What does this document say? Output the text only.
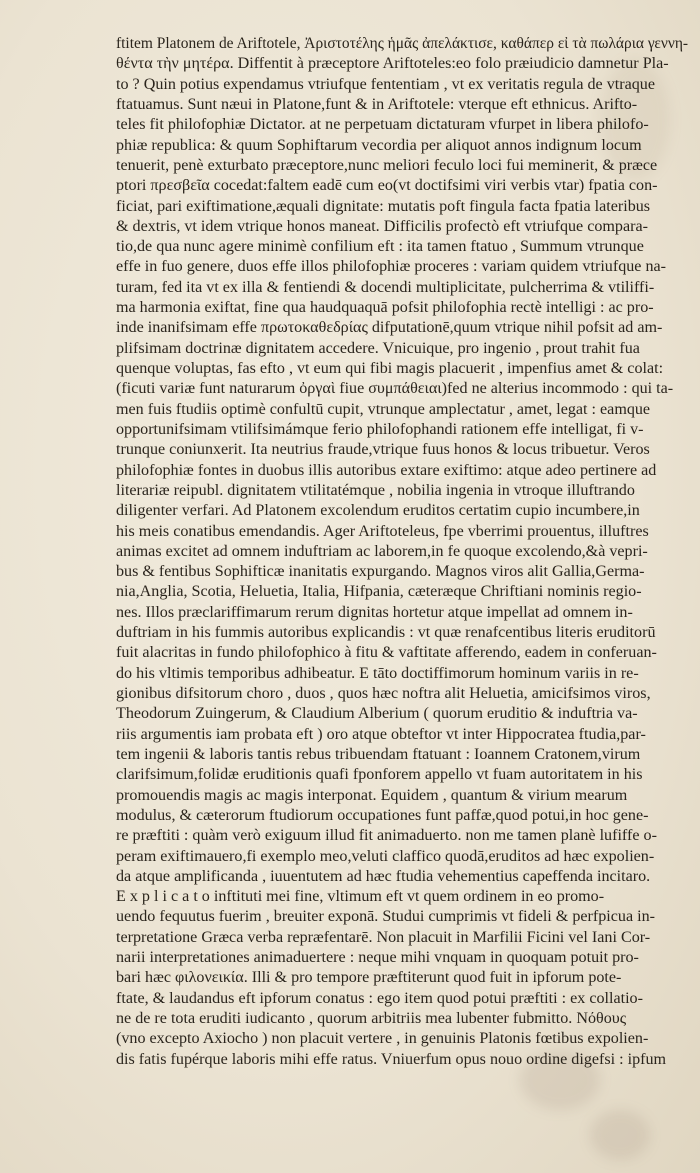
ftitem Platonem de Ariftotele, Ἀριστοτέλης ἡμᾶς ἀπελάκτισε, καθάπερ εἰ τὰ πωλάρια γεννη-
θέντα τὴν μητέρα. Diffentit à præceptore Ariftoteles:eo folo præiudicio damnetur Pla-
to ? Quin potius expendamus vtriufque fententiam , vt ex veritatis regula de vtraque
ftatuamus. Sunt næui in Platone,funt & in Ariftotele: vterque eft ethnicus. Arifto-
teles fit philofophiæ Dictator. at ne perpetuam dictaturam vfurpet in libera philofo-
phiæ republica: & quum Sophiftarum vecordia per aliquot annos indignum locum
tenuerit, penè exturbato præceptore,nunc meliori feculo loci fui meminerit, & præce
ptori πρεσβεῖα cocedat:faltem eadē cum eo(vt doctifsimi viri verbis vtar) fpatia con-
ficiat, pari exiftimatione,æquali dignitate: mutatis poft fingula facta fpatia lateribus
& dextris, vt idem vtrique honos maneat. Difficilis profectò eft vtriufque compara-
tio,de qua nunc agere minimè confilium eft : ita tamen ftatuo , Summum vtrunque
effe in fuo genere, duos effe illos philofophiæ proceres : variam quidem vtriufque na-
turam, fed ita vt ex illa & fentiendi & docendi multiplicitate, pulcherrima & vtiliffi-
ma harmonia exiftat, fine qua haudquaquā pofsit philofophia rectè intelligi : ac pro-
inde inanifsimam effe πρωτοκαθεδρίας difputationē,quum vtrique nihil pofsit ad am-
plifsimam doctrinæ dignitatem accedere. Vnicuique, pro ingenio , prout trahit fua
quenque voluptas, fas efto , vt eum qui fibi magis placuerit , impenfius amet & colat:
(ficuti variæ funt naturarum ὀργαὶ fiue συμπάθειαι)fed ne alterius incommodo : qui ta-
men fuis ftudiis optimè confultū cupit, vtrunque amplectatur , amet, legat : eamque
opportunifsimam vtilifsimámque ferio philofophandi rationem effe intelligat, fi v-
trunque coniunxerit. Ita neutrius fraude,vtrique fuus honos & locus tribuetur. Veros
philofophiæ fontes in duobus illis autoribus extare exiftimo: atque adeo pertinere ad
literariæ reipubl. dignitatem vtilitatémque , nobilia ingenia in vtroque illuftrando
diligenter verfari. Ad Platonem excolendum eruditos certatim cupio incumbere,in
his meis conatibus emendandis. Ager Ariftoteleus, fpe vberrimi prouentus, illuftres
animas excitet ad omnem induftriam ac laborem,in fe quoque excolendo,&à vepri-
bus & fentibus Sophifticæ inanitatis expurgando. Magnos viros alit Gallia,Germa-
nia,Anglia, Scotia, Heluetia, Italia, Hifpania, cæteræque Chriftiani nominis regio-
nes. Illos præclariffimarum rerum dignitas hortetur atque impellat ad omnem in-
duftriam in his fummis autoribus explicandis : vt quæ renafcentibus literis eruditorū
fuit alacritas in fundo philofophico à fitu & vaftitate afferendo, eadem in conferuan-
do his vltimis temporibus adhibeatur. E tāto doctiffimorum hominum variis in re-
gionibus difsitorum choro , duos , quos hæc noftra alit Heluetia, amicifsimos viros,
Theodorum Zuingerum, & Claudium Alberium ( quorum eruditio & induftria va-
riis argumentis iam probata eft ) oro atque obteftor vt inter Hippocratea ftudia,par-
tem ingenii & laboris tantis rebus tribuendam ftatuant : Ioannem Cratonem,virum
clarifsimum,folidæ eruditionis quafi fponforem appello vt fuam autoritatem in his
promouendis magis ac magis interponat. Equidem , quantum & virium mearum
modulus, & cæterorum ftudiorum occupationes funt paffæ,quod potui,in hoc gene-
re præftiti : quàm verò exiguum illud fit animaduerto. non me tamen planè lufiffe o-
peram exiftimauero,fi exemplo meo,veluti claffico quodā,eruditos ad hæc expolien-
da atque amplificanda , iuuentutem ad hæc ftudia vehementius capeffenda incitaro.
E x p l i c a t o inftituti mei fine, vltimum eft vt quem ordinem in eo promo-
uendo fequutus fuerim , breuiter exponā. Studui cumprimis vt fideli & perfpicua in-
terpretatione Græca verba repræfentarē. Non placuit in Marfilii Ficini vel Iani Cor-
narii interpretationes animaduertere : neque mihi vnquam in quoquam potuit pro-
bari hæc φιλονεικία. Illi & pro tempore præftiterunt quod fuit in ipforum pote-
ftate, & laudandus eft ipforum conatus : ego item quod potui præftiti : ex collatio-
ne de re tota eruditi iudicanto , quorum arbitriis mea lubenter fubmitto. Νόθους
(vno excepto Axiocho ) non placuit vertere , in genuinis Platonis fœtibus expolien-
dis fatis fupérque laboris mihi effe ratus. Vniuerfum opus nouo ordine digefsi : ipfum
